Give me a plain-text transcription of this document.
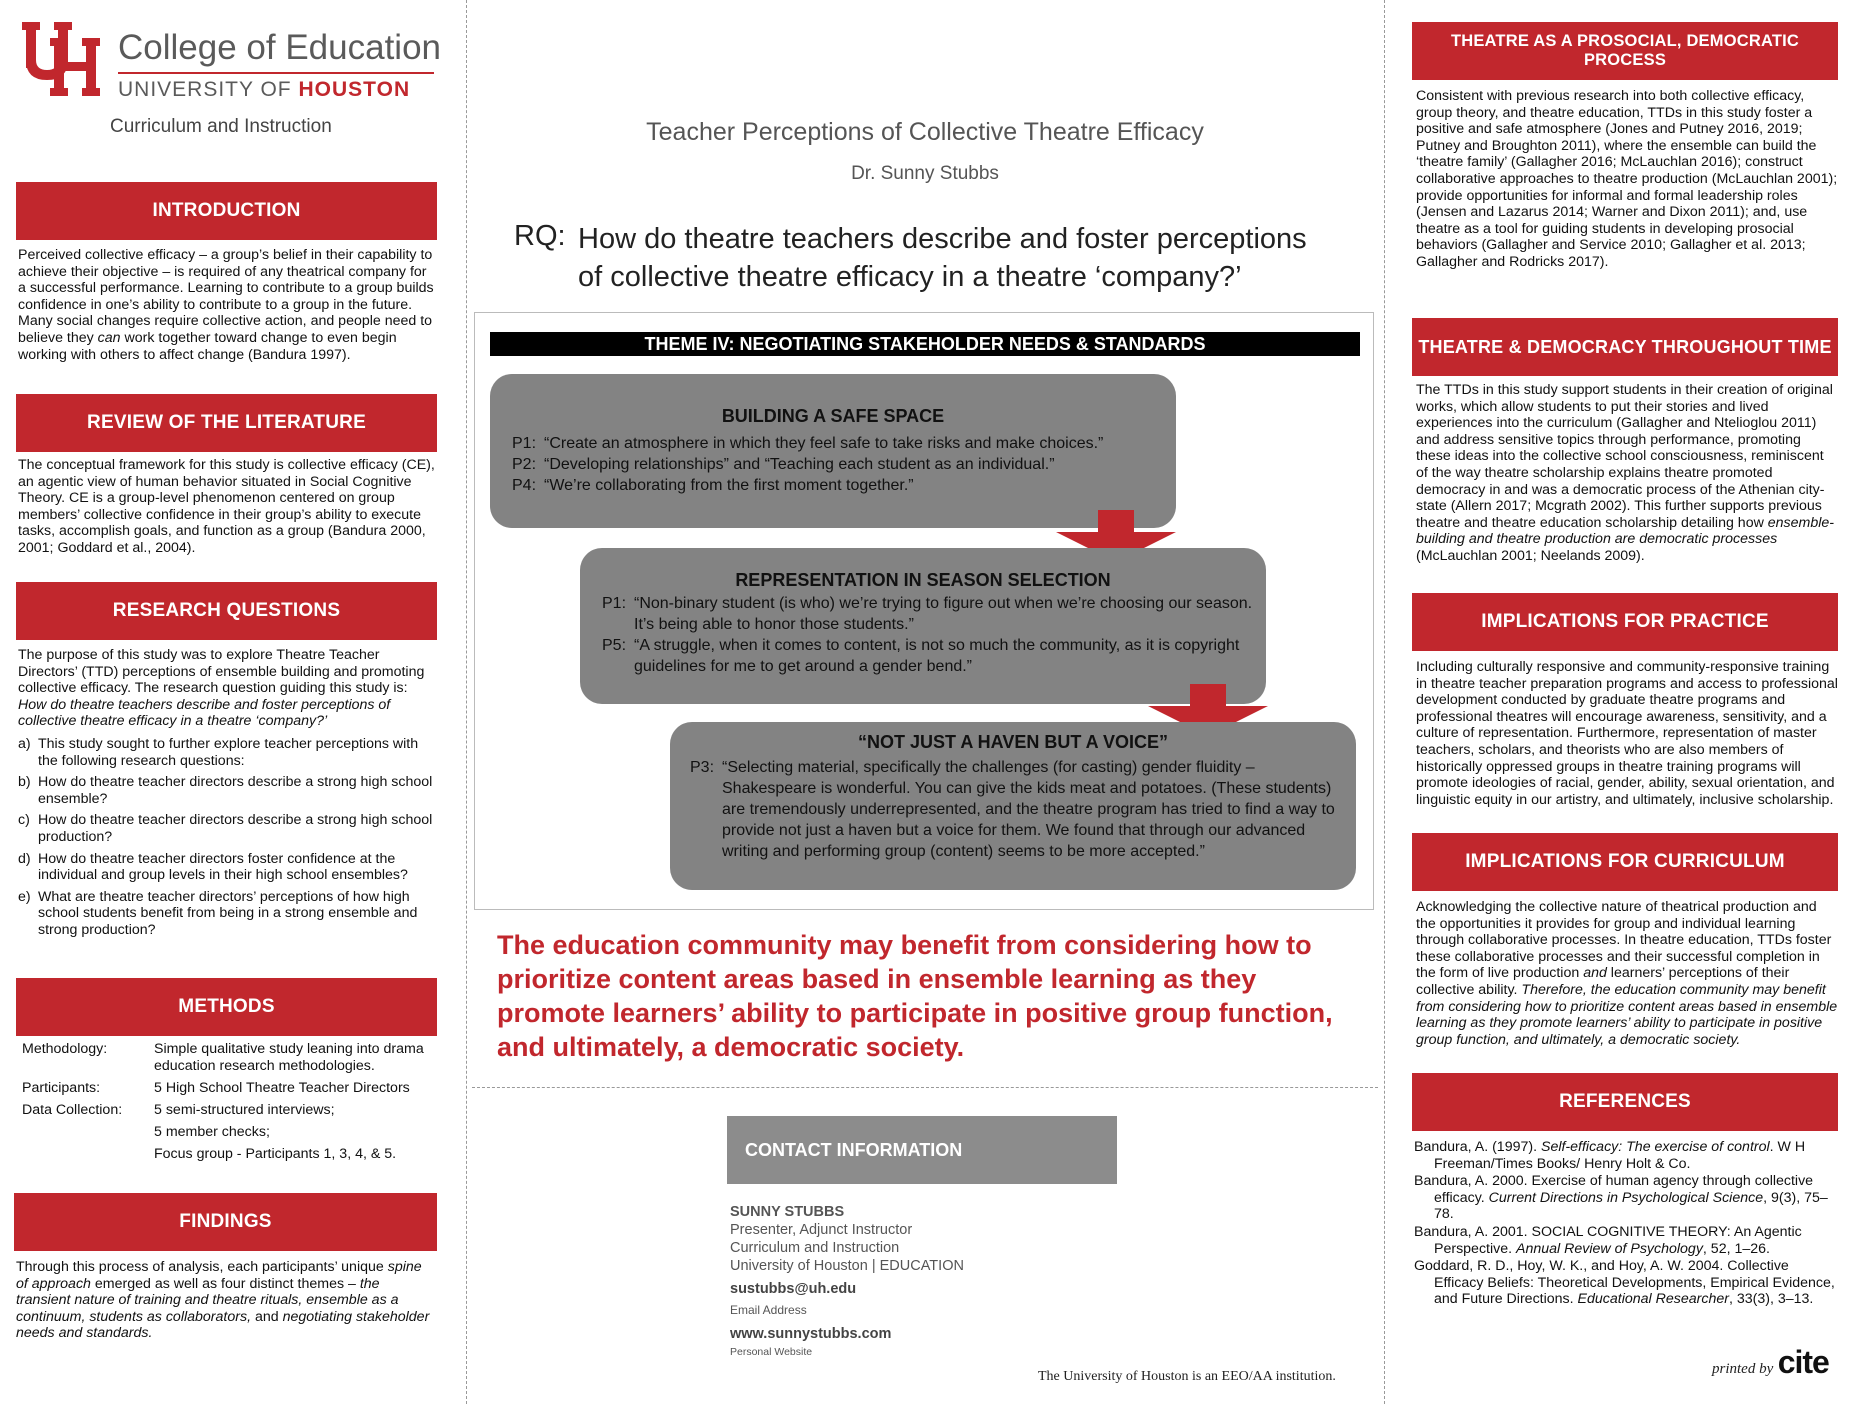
College of Education
UNIVERSITY OF HOUSTON
Curriculum and Instruction
INTRODUCTION
Perceived collective efficacy – a group’s belief in their capability to achieve their objective – is required of any theatrical company for a successful performance. Learning to contribute to a group builds confidence in one’s ability to contribute to a group in the future. Many social changes require collective action, and people need to believe they can work together toward change to even begin working with others to affect change (Bandura 1997).
REVIEW OF THE LITERATURE
The conceptual framework for this study is collective efficacy (CE), an agentic view of human behavior situated in Social Cognitive Theory. CE is a group-level phenomenon centered on group members’ collective confidence in their group’s ability to execute tasks, accomplish goals, and function as a group (Bandura 2000, 2001; Goddard et al., 2004).
RESEARCH QUESTIONS
The purpose of this study was to explore Theatre Teacher Directors’ (TTD) perceptions of ensemble building and promoting collective efficacy. The research question guiding this study is: How do theatre teachers describe and foster perceptions of collective theatre efficacy in a theatre ‘company?’
a) This study sought to further explore teacher perceptions with the following research questions:
b) How do theatre teacher directors describe a strong high school ensemble?
c) How do theatre teacher directors describe a strong high school production?
d) How do theatre teacher directors foster confidence at the individual and group levels in their high school ensembles?
e) What are theatre teacher directors’ perceptions of how high school students benefit from being in a strong ensemble and strong production?
METHODS
Methodology:	Simple qualitative study leaning into drama education research methodologies.
Participants:	5 High School Theatre Teacher Directors
Data Collection:	5 semi-structured interviews;
5 member checks;
Focus group - Participants 1, 3, 4, & 5.
FINDINGS
Through this process of analysis, each participants’ unique spine of approach emerged as well as four distinct themes – the transient nature of training and theatre rituals, ensemble as a continuum, students as collaborators, and negotiating stakeholder needs and standards.
Teacher Perceptions of Collective Theatre Efficacy
Dr. Sunny Stubbs
RQ: How do theatre teachers describe and foster perceptions
of collective theatre efficacy in a theatre ‘company?’
THEME IV: NEGOTIATING STAKEHOLDER NEEDS & STANDARDS
BUILDING A SAFE SPACE
P1: “Create an atmosphere in which they feel safe to take risks and make choices.”
P2: “Developing relationships” and “Teaching each student as an individual.”
P4: “We’re collaborating from the first moment together.”
REPRESENTATION IN SEASON SELECTION
P1: “Non-binary student (is who) we’re trying to figure out when we’re choosing our season. It’s being able to honor those students.”
P5: “A struggle, when it comes to content, is not so much the community, as it is copyright guidelines for me to get around a gender bend.”
“NOT JUST A HAVEN BUT A VOICE”
P3: “Selecting material, specifically the challenges (for casting) gender fluidity – Shakespeare is wonderful. You can give the kids meat and potatoes. (These students) are tremendously underrepresented, and the theatre program has tried to find a way to provide not just a haven but a voice for them. We found that through our advanced writing and performing group (content) seems to be more accepted.”
The education community may benefit from considering how to prioritize content areas based in ensemble learning as they promote learners’ ability to participate in positive group function, and ultimately, a democratic society.
CONTACT INFORMATION
SUNNY STUBBS
Presenter, Adjunct Instructor
Curriculum and Instruction
University of Houston | EDUCATION
sustubbs@uh.edu
Email Address
www.sunnystubbs.com
Personal Website
The University of Houston is an EEO/AA institution.
THEATRE AS A PROSOCIAL, DEMOCRATIC PROCESS
Consistent with previous research into both collective efficacy, group theory, and theatre education, TTDs in this study foster a positive and safe atmosphere (Jones and Putney 2016, 2019; Putney and Broughton 2011), where the ensemble can build the ‘theatre family’ (Gallagher 2016; McLauchlan 2016); construct collaborative approaches to theatre production (McLauchlan 2001); provide opportunities for informal and formal leadership roles (Jensen and Lazarus 2014; Warner and Dixon 2011); and, use theatre as a tool for guiding students in developing prosocial behaviors (Gallagher and Service 2010; Gallagher et al. 2013; Gallagher and Rodricks 2017).
THEATRE & DEMOCRACY THROUGHOUT TIME
The TTDs in this study support students in their creation of original works, which allow students to put their stories and lived experiences into the curriculum (Gallagher and Ntelioglou 2011) and address sensitive topics through performance, promoting these ideas into the collective school consciousness, reminiscent of the way theatre scholarship explains theatre promoted democracy in and was a democratic process of the Athenian city-state (Allern 2017; Mcgrath 2002). This further supports previous theatre and theatre education scholarship detailing how ensemble-building and theatre production are democratic processes (McLauchlan 2001; Neelands 2009).
IMPLICATIONS FOR PRACTICE
Including culturally responsive and community-responsive training in theatre teacher preparation programs and access to professional development conducted by graduate theatre programs and professional theatres will encourage awareness, sensitivity, and a culture of representation. Furthermore, representation of master teachers, scholars, and theorists who are also members of historically oppressed groups in theatre training programs will promote ideologies of racial, gender, ability, sexual orientation, and linguistic equity in our artistry, and ultimately, inclusive scholarship.
IMPLICATIONS FOR CURRICULUM
Acknowledging the collective nature of theatrical production and the opportunities it provides for group and individual learning through collaborative processes. In theatre education, TTDs foster these collaborative processes and their successful completion in the form of live production and learners’ perceptions of their collective ability. Therefore, the education community may benefit from considering how to prioritize content areas based in ensemble learning as they promote learners’ ability to participate in positive group function, and ultimately, a democratic society.
REFERENCES
Bandura, A. (1997). Self-efficacy: The exercise of control. W H Freeman/Times Books/ Henry Holt & Co.
Bandura, A. 2000. Exercise of human agency through collective efficacy. Current Directions in Psychological Science, 9(3), 75–78.
Bandura, A. 2001. SOCIAL COGNITIVE THEORY: An Agentic Perspective. Annual Review of Psychology, 52, 1–26.
Goddard, R. D., Hoy, W. K., and Hoy, A. W. 2004. Collective Efficacy Beliefs: Theoretical Developments, Empirical Evidence, and Future Directions. Educational Researcher, 33(3), 3–13.
printed by cite
